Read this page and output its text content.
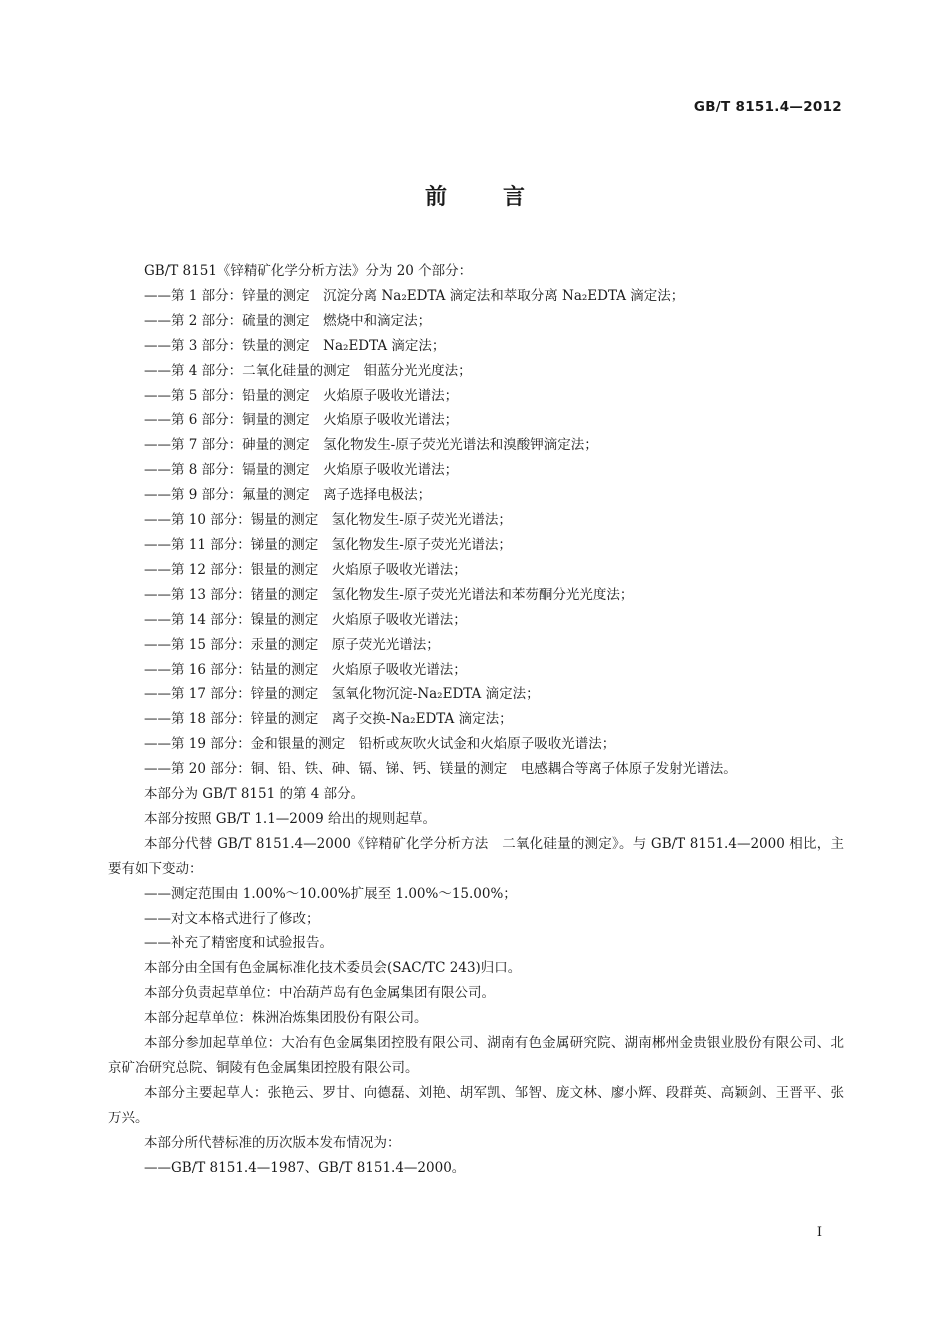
GB/T 8151.4—2012
前言

GB/T 8151《锌精矿化学分析方法》分为 20 个部分：

——第 1 部分：锌量的测定　沉淀分离 Na₂EDTA 滴定法和萃取分离 Na₂EDTA 滴定法；

——第 2 部分：硫量的测定　燃烧中和滴定法；

——第 3 部分：铁量的测定　Na₂EDTA 滴定法；

——第 4 部分：二氧化硅量的测定　钼蓝分光光度法；

——第 5 部分：铅量的测定　火焰原子吸收光谱法；

——第 6 部分：铜量的测定　火焰原子吸收光谱法；

——第 7 部分：砷量的测定　氢化物发生-原子荧光光谱法和溴酸钾滴定法；

——第 8 部分：镉量的测定　火焰原子吸收光谱法；

——第 9 部分：氟量的测定　离子选择电极法；

——第 10 部分：锡量的测定　氢化物发生-原子荧光光谱法；

——第 11 部分：锑量的测定　氢化物发生-原子荧光光谱法；

——第 12 部分：银量的测定　火焰原子吸收光谱法；

——第 13 部分：锗量的测定　氢化物发生-原子荧光光谱法和苯芴酮分光光度法；

——第 14 部分：镍量的测定　火焰原子吸收光谱法；

——第 15 部分：汞量的测定　原子荧光光谱法；

——第 16 部分：钴量的测定　火焰原子吸收光谱法；

——第 17 部分：锌量的测定　氢氧化物沉淀-Na₂EDTA 滴定法；

——第 18 部分：锌量的测定　离子交换-Na₂EDTA 滴定法；

——第 19 部分：金和银量的测定　铅析或灰吹火试金和火焰原子吸收光谱法；

——第 20 部分：铜、铅、铁、砷、镉、锑、钙、镁量的测定　电感耦合等离子体原子发射光谱法。

本部分为 GB/T 8151 的第 4 部分。

本部分按照 GB/T 1.1—2009 给出的规则起草。

本部分代替 GB/T 8151.4—2000《锌精矿化学分析方法　二氧化硅量的测定》。与 GB/T 8151.4—2000 相比，主要有如下变动：

——测定范围由 1.00%～10.00%扩展至 1.00%～15.00%；

——对文本格式进行了修改；

——补充了精密度和试验报告。

本部分由全国有色金属标准化技术委员会(SAC/TC 243)归口。

本部分负责起草单位：中冶葫芦岛有色金属集团有限公司。

本部分起草单位：株洲冶炼集团股份有限公司。

本部分参加起草单位：大冶有色金属集团控股有限公司、湖南有色金属研究院、湖南郴州金贵银业股份有限公司、北京矿冶研究总院、铜陵有色金属集团控股有限公司。

本部分主要起草人：张艳云、罗甘、向德磊、刘艳、胡军凯、邹智、庞文林、廖小辉、段群英、高颖剑、王晋平、张万兴。

本部分所代替标准的历次版本发布情况为：

——GB/T 8151.4—1987、GB/T 8151.4—2000。

I
